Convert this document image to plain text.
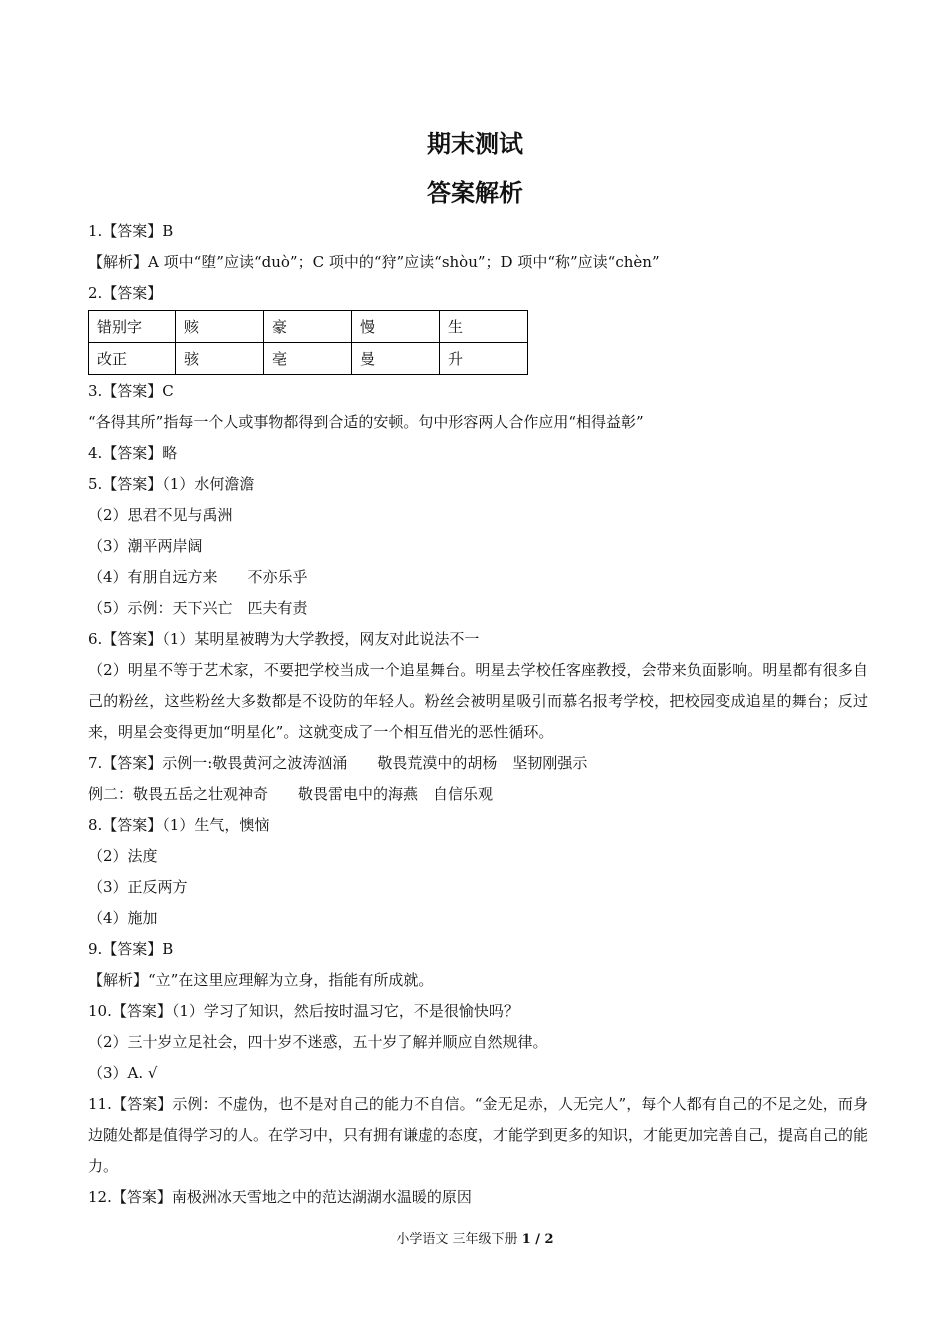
期末测试
答案解析
1.【答案】B
【解析】A 项中“堕”应读“duò”；C 项中的“狩”应读“shòu”；D 项中“称”应读“chèn”
2.【答案】
错别字	赅	豪	慢	生
改正	骇	亳	曼	升
3.【答案】C
“各得其所”指每一个人或事物都得到合适的安顿。句中形容两人合作应用“相得益彰”
4.【答案】略
5.【答案】（1）水何澹澹
（2）思君不见与禹洲
（3）潮平两岸阔
（4）有朋自远方来　　不亦乐乎
（5）示例：天下兴亡　匹夫有责
6.【答案】（1）某明星被聘为大学教授，网友对此说法不一
（2）明星不等于艺术家，不要把学校当成一个追星舞台。明星去学校任客座教授，会带来负面影响。明星都有很多自己的粉丝，这些粉丝大多数都是不设防的年轻人。粉丝会被明星吸引而慕名报考学校，把校园变成追星的舞台；反过来，明星会变得更加“明星化”。这就变成了一个相互借光的恶性循环。
7.【答案】示例一:敬畏黄河之波涛汹涌　　敬畏荒漠中的胡杨　坚韧刚强示
例二：敬畏五岳之壮观神奇　　敬畏雷电中的海燕　自信乐观
8.【答案】（1）生气，懊恼
（2）法度
（3）正反两方
（4）施加
9.【答案】B
【解析】“立”在这里应理解为立身，指能有所成就。
10.【答案】（1）学习了知识，然后按时温习它，不是很愉快吗？
（2）三十岁立足社会，四十岁不迷惑，五十岁了解并顺应自然规律。
（3）A. √
11.【答案】示例：不虚伪，也不是对自己的能力不自信。“金无足赤，人无完人”，每个人都有自己的不足之处，而身边随处都是值得学习的人。在学习中，只有拥有谦虚的态度，才能学到更多的知识，才能更加完善自己，提高自己的能力。
12.【答案】南极洲冰天雪地之中的范达湖湖水温暖的原因
小学语文 三年级下册 1 / 2
